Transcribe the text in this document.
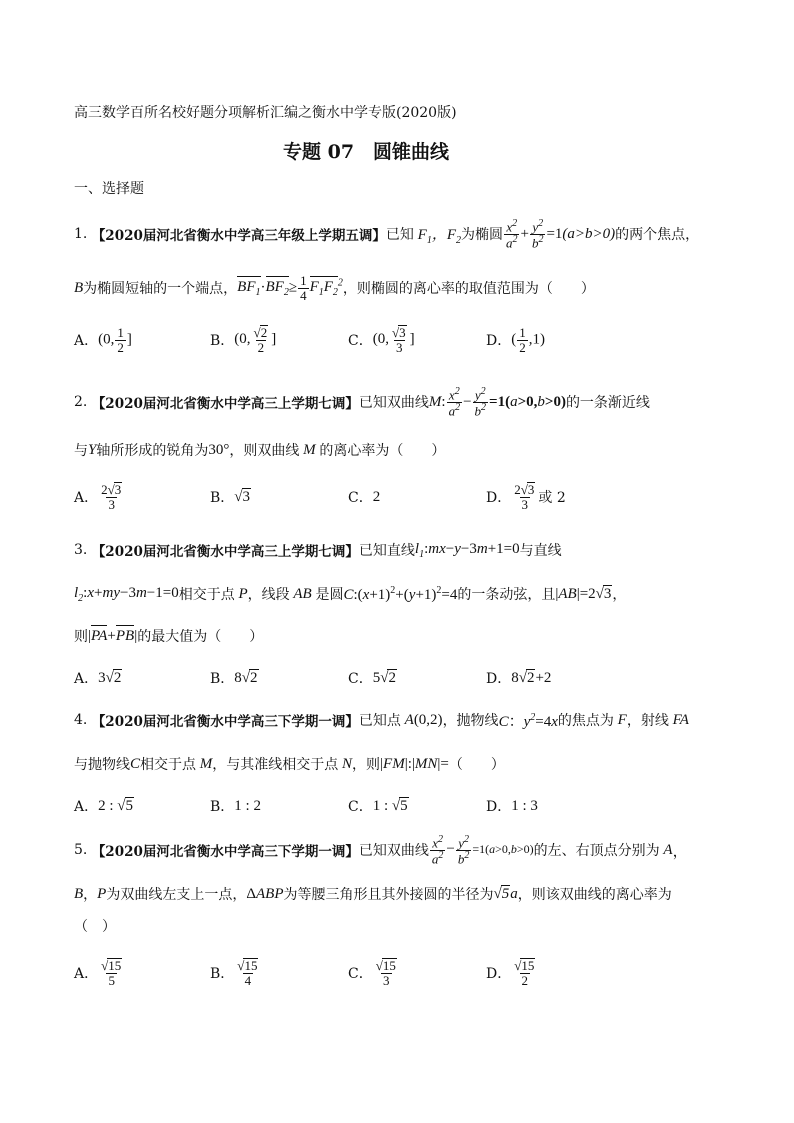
高三数学百所名校好题分项解析汇编之衡水中学专版(2020版)
专题 07　圆锥曲线
一、选择题
1.
【2020届河北省衡水中学高三年级上学期五调】 已知 $F_1$，$F_2$ 为椭圆 $\frac{x^2}{a^2} + \frac{y^2}{b^2} =1(a>b>0)$ 的两个焦点，
B 为椭圆短轴的一个端点， $BF_1\cdot BF_2\ge \frac{1}{4} F_1F_2^2$ ，则椭圆的离心率的取值范围为（　　）
A． (0, $\frac{1}{2}$ ]	B． (0, $\frac{√2}{2}$ ]	C． (0, $\frac{√3}{3}$ ]	D． ( $\frac{1}{2} ,1$)
2.
【2020届河北省衡水中学高三上学期七调】 已知双曲线 M: $\frac{x^2}{a^2} - \frac{y^2}{b^2} =1(a>0,b>0)$ 的一条渐近线
与 Y 轴所形成的锐角为 30° ，则双曲线 M 的离心率为（　　）
A． $\frac{2√3}{3}$	B． √3	C． 2	D． $\frac{2√3}{3}$ 或 2
3.
【2020届河北省衡水中学高三上学期七调】 已知直线 $l_1:mx-y-3m+1=0$ 与直线
$l_2:x+my-3m-1=0$ 相交于点 P ，线段 AB 是圆 $C:(x+1)^2+(y+1)^2=4$ 的一条动弦，且 |AB|=2√3 ，
则 |PA+PB| 的最大值为（　　）
A． 3√2	B． 8√2	C． 5√2	D． 8√2+2
4.
【2020届河北省衡水中学高三下学期一调】 已知点 A(0,2) ，抛物线 C：$y^2=4x$ 的焦点为 F ，射线 FA
与抛物线 C 相交于点 M ，与其准线相交于点 N ，则 |FM|:|MN|= （　　）
A． 2 : √5	B． 1 : 2	C． 1 : √5	D． 1 : 3
5.
【2020届河北省衡水中学高三下学期一调】 已知双曲线 $\frac{x^2}{a^2} - \frac{y^2}{b^2} =1(a>0,b>0)$ 的左、右顶点分别为 A ，
B ， P 为双曲线左支上一点， ΔABP 为等腰三角形且其外接圆的半径为 √5a ，则该双曲线的离心率为
（　）
A． $\frac{√15}{5}$	B． $\frac{√15}{4}$	C． $\frac{√15}{3}$	D． $\frac{√15}{2}$
